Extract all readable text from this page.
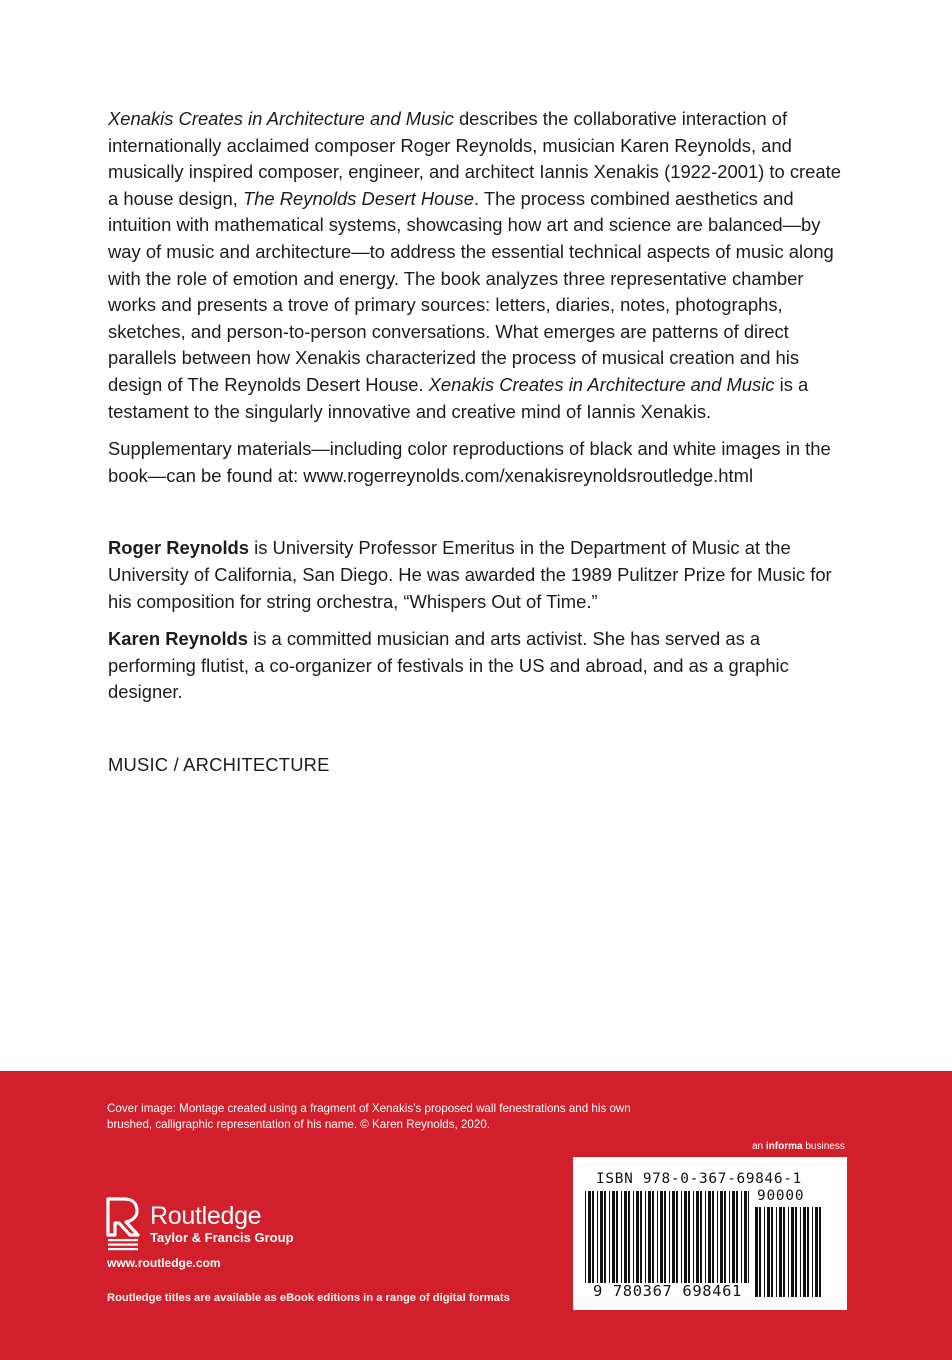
Xenakis Creates in Architecture and Music describes the collaborative interaction of internationally acclaimed composer Roger Reynolds, musician Karen Reynolds, and musically inspired composer, engineer, and architect Iannis Xenakis (1922-2001) to create a house design, The Reynolds Desert House. The process combined aesthetics and intuition with mathematical systems, showcasing how art and science are balanced—by way of music and architecture—to address the essential technical aspects of music along with the role of emotion and energy. The book analyzes three representative chamber works and presents a trove of primary sources: letters, diaries, notes, photographs, sketches, and person-to-person conversations. What emerges are patterns of direct parallels between how Xenakis characterized the process of musical creation and his design of The Reynolds Desert House. Xenakis Creates in Architecture and Music is a testament to the singularly innovative and creative mind of Iannis Xenakis.

Supplementary materials—including color reproductions of black and white images in the book—can be found at: www.rogerreynolds.com/xenakisreynoldsroutledge.html

Roger Reynolds is University Professor Emeritus in the Department of Music at the University of California, San Diego. He was awarded the 1989 Pulitzer Prize for Music for his composition for string orchestra, “Whispers Out of Time.”

Karen Reynolds is a committed musician and arts activist. She has served as a performing flutist, a co-organizer of festivals in the US and abroad, and as a graphic designer.

MUSIC / ARCHITECTURE

Cover image: Montage created using a fragment of Xenakis’s proposed wall fenestrations and his own brushed, calligraphic representation of his name. © Karen Reynolds, 2020.

an informa business

Routledge
Taylor & Francis Group

www.routledge.com

Routledge titles are available as eBook editions in a range of digital formats

ISBN 978-0-367-69846-1
90000
9 780367 698461
